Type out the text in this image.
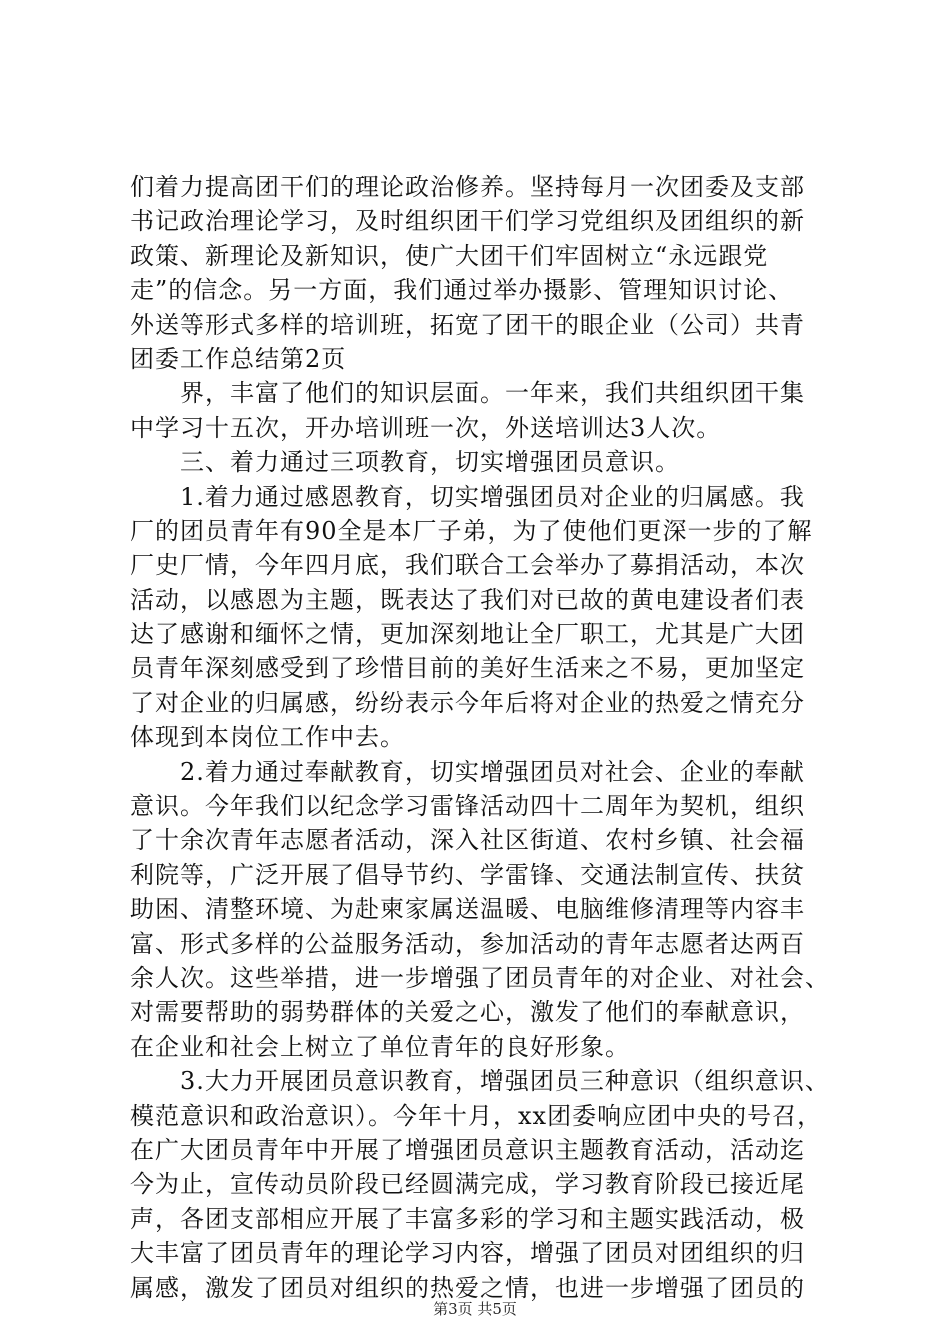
们着力提高团干们的理论政治修养。坚持每月一次团委及支部
书记政治理论学习，及时组织团干们学习党组织及团组织的新
政策、新理论及新知识，使广大团干们牢固树立“永远跟党
走”的信念。另一方面，我们通过举办摄影、管理知识讨论、
外送等形式多样的培训班，拓宽了团干的眼企业（公司）共青
团委工作总结第2页
　　界，丰富了他们的知识层面。一年来，我们共组织团干集
中学习十五次，开办培训班一次，外送培训达3人次。
　　三、着力通过三项教育，切实增强团员意识。
　　1.着力通过感恩教育，切实增强团员对企业的归属感。我
厂的团员青年有90全是本厂子弟，为了使他们更深一步的了解
厂史厂情，今年四月底，我们联合工会举办了募捐活动，本次
活动，以感恩为主题，既表达了我们对已故的黄电建设者们表
达了感谢和缅怀之情，更加深刻地让全厂职工，尤其是广大团
员青年深刻感受到了珍惜目前的美好生活来之不易，更加坚定
了对企业的归属感，纷纷表示今年后将对企业的热爱之情充分
体现到本岗位工作中去。
　　2.着力通过奉献教育，切实增强团员对社会、企业的奉献
意识。今年我们以纪念学习雷锋活动四十二周年为契机，组织
了十余次青年志愿者活动，深入社区街道、农村乡镇、社会福
利院等，广泛开展了倡导节约、学雷锋、交通法制宣传、扶贫
助困、清整环境、为赴柬家属送温暖、电脑维修清理等内容丰
富、形式多样的公益服务活动，参加活动的青年志愿者达两百
余人次。这些举措，进一步增强了团员青年的对企业、对社会、
对需要帮助的弱势群体的关爱之心，激发了他们的奉献意识，
在企业和社会上树立了单位青年的良好形象。
　　3.大力开展团员意识教育，增强团员三种意识（组织意识、
模范意识和政治意识）。今年十月，xx团委响应团中央的号召，
在广大团员青年中开展了增强团员意识主题教育活动，活动迄
今为止，宣传动员阶段已经圆满完成，学习教育阶段已接近尾
声，各团支部相应开展了丰富多彩的学习和主题实践活动，极
大丰富了团员青年的理论学习内容，增强了团员对团组织的归
属感，激发了团员对组织的热爱之情，也进一步增强了团员的
第3页 共5页
